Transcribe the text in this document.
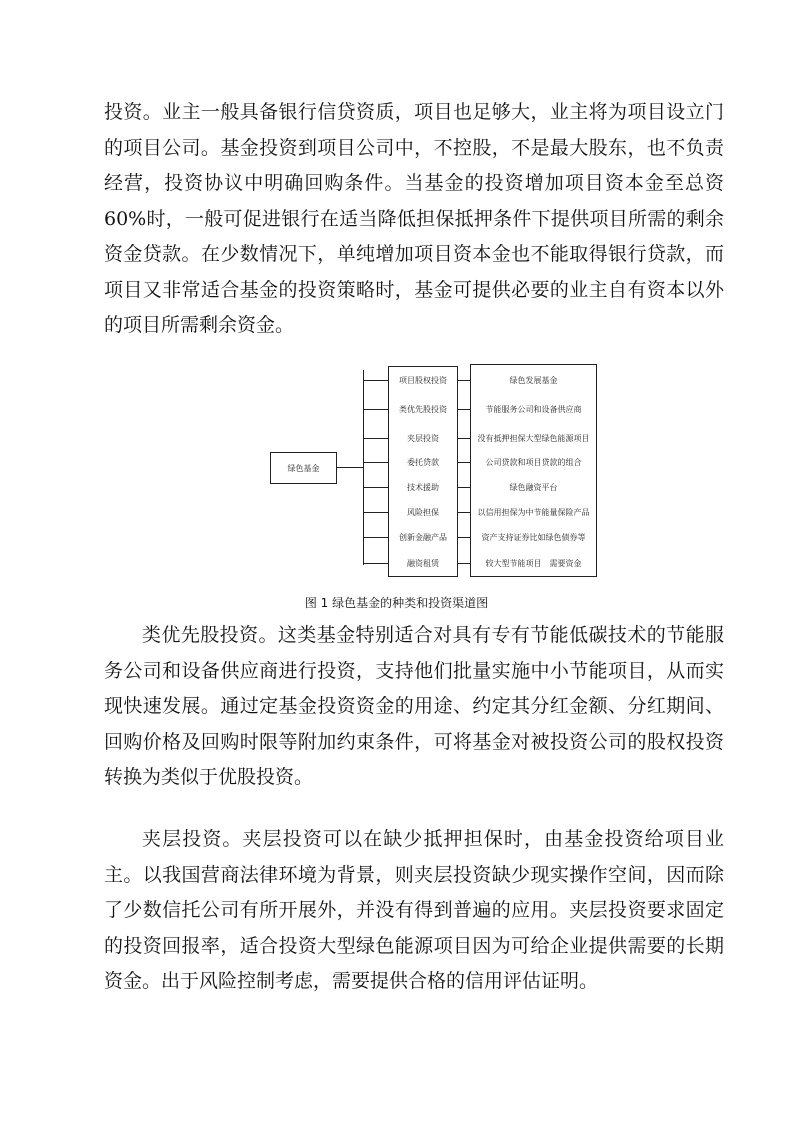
投资。业主一般具备银行信贷资质，项目也足够大，业主将为项目设立门的项目公司。基金投资到项目公司中，不控股，不是最大股东，也不负责经营，投资协议中明确回购条件。当基金的投资增加项目资本金至总资 60%时，一般可促进银行在适当降低担保抵押条件下提供项目所需的剩余资金贷款。在少数情况下，单纯增加项目资本金也不能取得银行贷款，而项目又非常适合基金的投资策略时，基金可提供必要的业主自有资本以外的项目所需剩余资金。

绿色基金
项目股权投资
类优先股投资
夹层投资
委托贷款
技术援助
风险担保
创新金融产品
融资租赁
绿色发展基金
节能服务公司和设备供应商
没有抵押担保大型绿色能源项目
公司贷款和项目贷款的组合
绿色融资平台
以信用担保为中节能量保险产品
资产支持证券比如绿色债券等
较大型节能项目　需要资金
图 1 绿色基金的种类和投资渠道图

类优先股投资。这类基金特别适合对具有专有节能低碳技术的节能服务公司和设备供应商进行投资，支持他们批量实施中小节能项目，从而实现快速发展。通过定基金投资资金的用途、约定其分红金额、分红期间、回购价格及回购时限等附加约束条件，可将基金对被投资公司的股权投资转换为类似于优股投资。

夹层投资。夹层投资可以在缺少抵押担保时，由基金投资给项目业主。以我国营商法律环境为背景，则夹层投资缺少现实操作空间，因而除了少数信托公司有所开展外，并没有得到普遍的应用。夹层投资要求固定的投资回报率，适合投资大型绿色能源项目因为可给企业提供需要的长期资金。出于风险控制考虑，需要提供合格的信用评估证明。
